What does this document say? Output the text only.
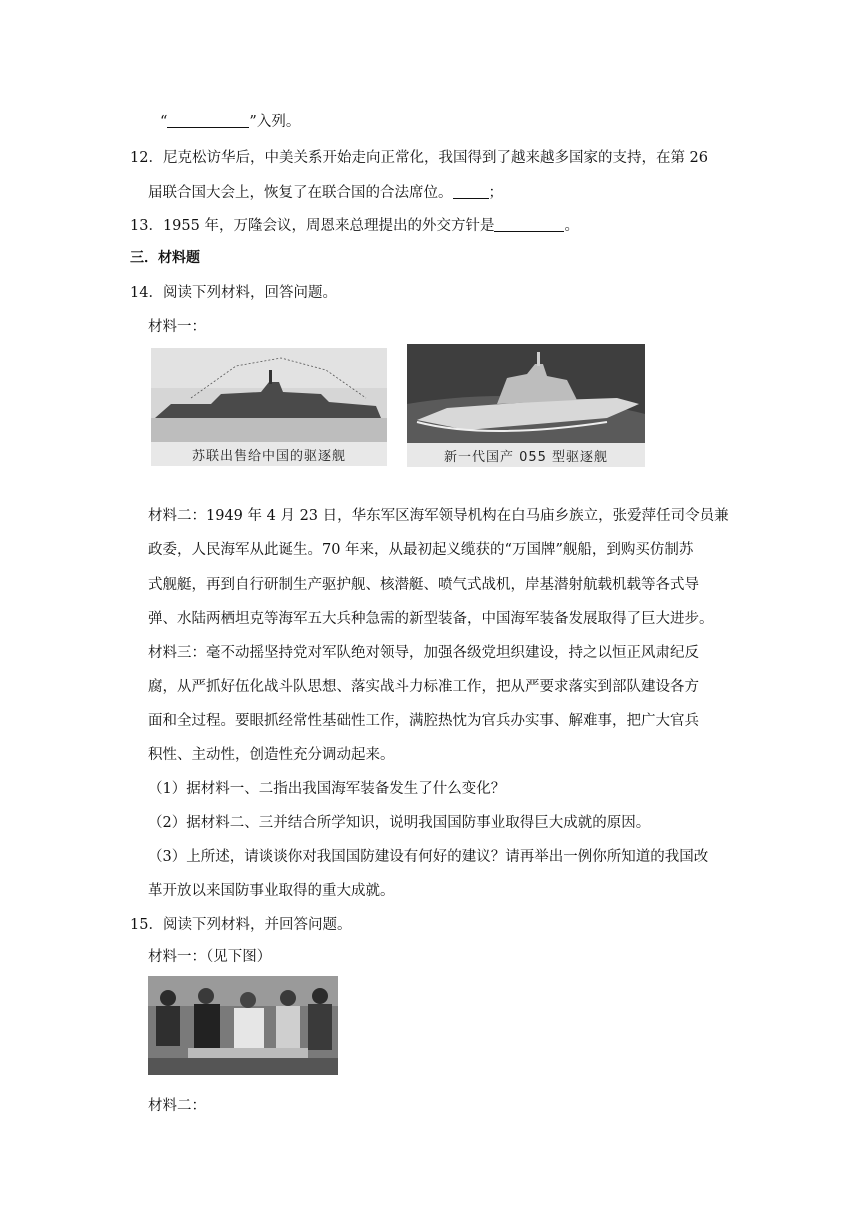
“	”入列。
12．尼克松访华后，中美关系开始走向正常化，我国得到了越来越多国家的支持，在第 26
届联合国大会上，恢复了在联合国的合法席位。 ；
13．1955 年，万隆会议，周恩来总理提出的外交方针是	。
三．材料题
14．阅读下列材料，回答问题。
材料一：
苏联出售给中国的驱逐舰	新一代国产 055 型驱逐舰
材料二：1949 年 4 月 23 日，华东军区海军领导机构在白马庙乡族立，张爱萍任司令员兼
政委，人民海军从此诞生。70 年来，从最初起义缆获的“万国牌”舰船，到购买仿制苏
式舰艇，再到自行研制生产驱护舰、核潜艇、喷气式战机，岸基潜射航载机载等各式导
弹、水陆两栖坦克等海军五大兵种急需的新型装备，中国海军装备发展取得了巨大进步。
材料三：毫不动摇坚持党对军队绝对领导，加强各级党坦织建设，持之以恒正风肃纪反
腐，从严抓好伍化战斗队思想、落实战斗力标准工作，把从严要求落实到部队建设各方
面和全过程。要眼抓经常性基础性工作，满腔热忱为官兵办实事、解难事，把广大官兵
积性、主动性，创造性充分调动起来。
（1）据材料一、二指出我国海军装备发生了什么变化？
（2）据材料二、三并结合所学知识，说明我国国防事业取得巨大成就的原因。
（3）上所述，请谈谈你对我国国防建设有何好的建议？请再举出一例你所知道的我国改
革开放以来国防事业取得的重大成就。
15．阅读下列材料，并回答问题。
材料一：（见下图）
材料二：
